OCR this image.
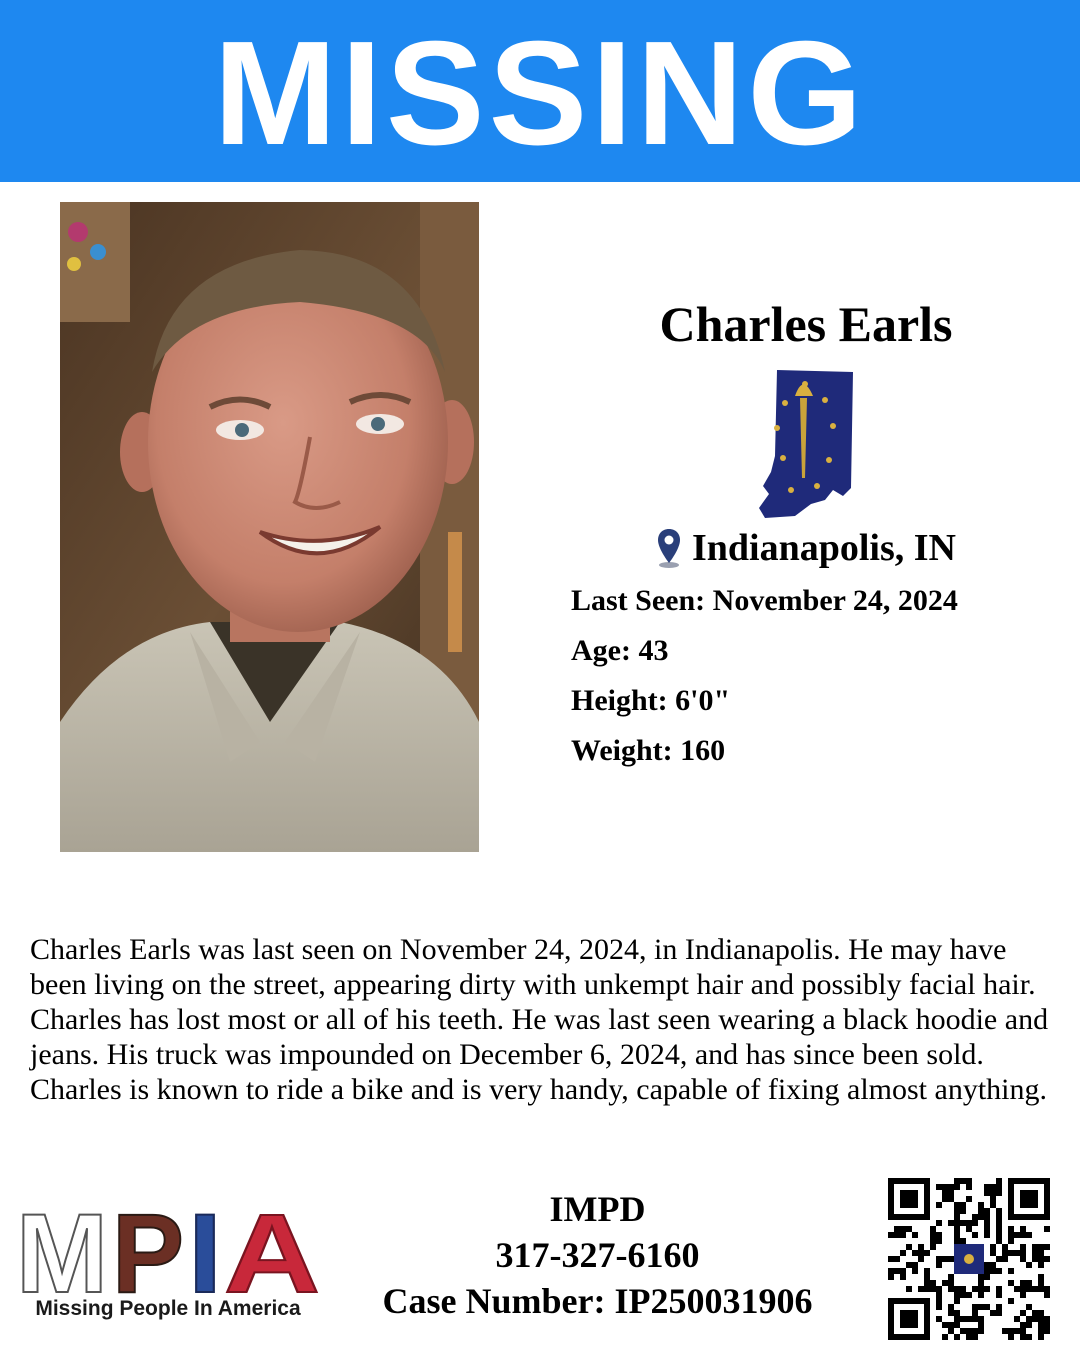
MISSING
Charles Earls
Indianapolis, IN
Last Seen: November 24, 2024
Age: 43
Height: 6'0"
Weight: 160

Charles Earls was last seen on November 24, 2024, in Indianapolis. He may have been living on the street, appearing dirty with unkempt hair and possibly facial hair. Charles has lost most or all of his teeth. He was last seen wearing a black hoodie and jeans. His truck was impounded on December 6, 2024, and has since been sold. Charles is known to ride a bike and is very handy, capable of fixing almost anything.

M P I A
Missing People In America
IMPD
317-327-6160
Case Number: IP250031906
